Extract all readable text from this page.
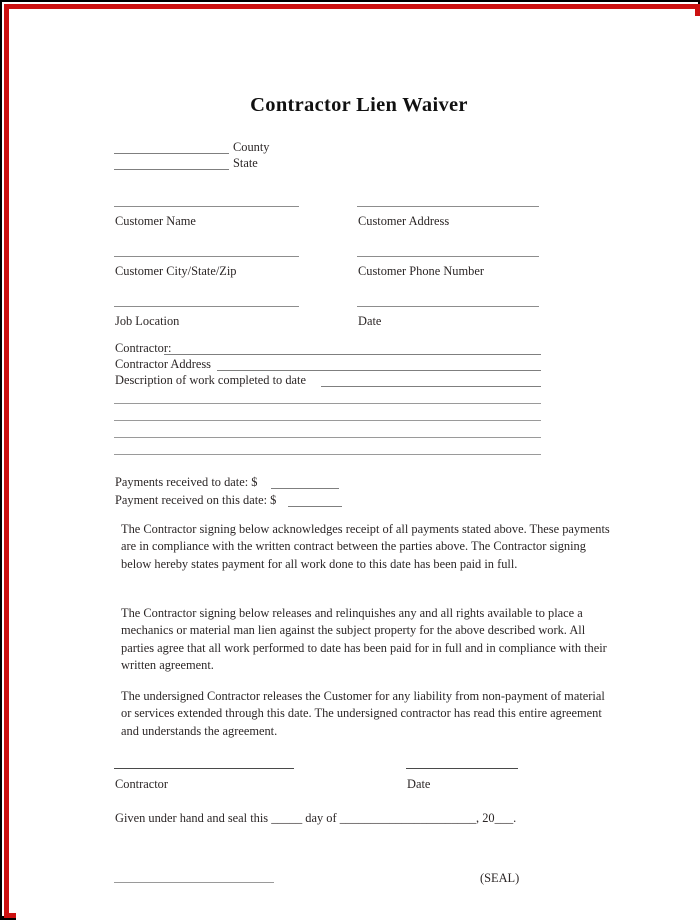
Contractor Lien Waiver
County
State
Customer Name	Customer Address
Customer City/State/Zip	Customer Phone Number
Job Location	Date
Contractor:
Contractor Address
Description of work completed to date
Payments received to date: $
Payment received on this date: $
The Contractor signing below acknowledges receipt of all payments stated above. These payments are in compliance with the written contract between the parties above. The Contractor signing below hereby states payment for all work done to this date has been paid in full.
The Contractor signing below releases and relinquishes any and all rights available to place a mechanics or material man lien against the subject property for the above described work. All parties agree that all work performed to date has been paid for in full and in compliance with their written agreement.
The undersigned Contractor releases the Customer for any liability from non-payment of material or services extended through this date. The undersigned contractor has read this entire agreement and understands the agreement.
Contractor	Date
Given under hand and seal this _____ day of ______________________, 20___.
(SEAL)
